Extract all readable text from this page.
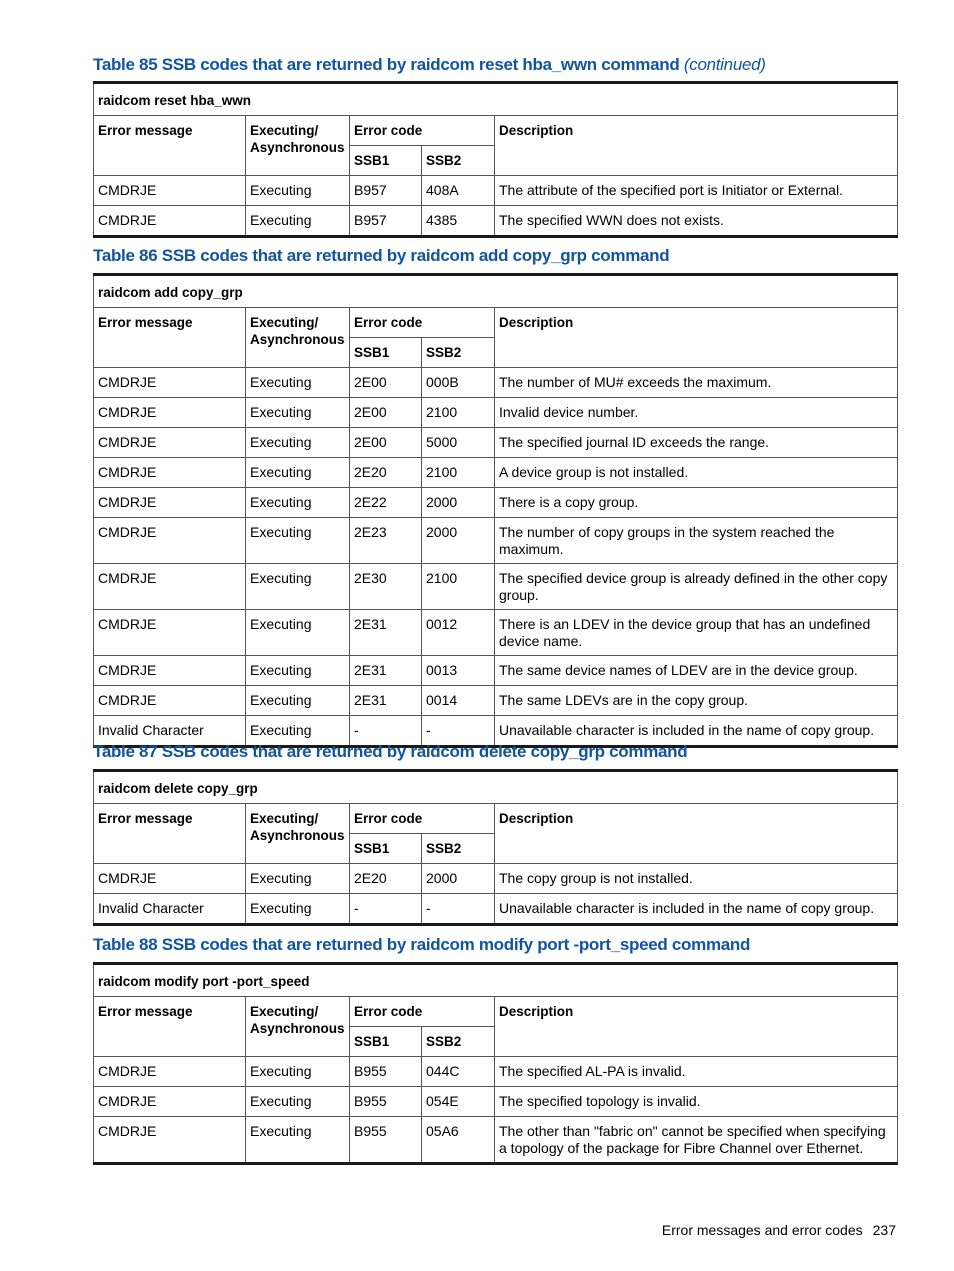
Table 85 SSB codes that are returned by raidcom reset hba_wwn command (continued)

raidcom reset hba_wwn				
Error message	Executing/ Asynchronous	Error code		Description
		SSB1	SSB2	
CMDRJE	Executing	B957	408A	The attribute of the specified port is Initiator or External.
CMDRJE	Executing	B957	4385	The specified WWN does not exists.

Table 86 SSB codes that are returned by raidcom add copy_grp command

raidcom add copy_grp				
Error message	Executing/ Asynchronous	Error code		Description
		SSB1	SSB2	
CMDRJE	Executing	2E00	000B	The number of MU# exceeds the maximum.
CMDRJE	Executing	2E00	2100	Invalid device number.
CMDRJE	Executing	2E00	5000	The specified journal ID exceeds the range.
CMDRJE	Executing	2E20	2100	A device group is not installed.
CMDRJE	Executing	2E22	2000	There is a copy group.
CMDRJE	Executing	2E23	2000	The number of copy groups in the system reached the maximum.
CMDRJE	Executing	2E30	2100	The specified device group is already defined in the other copy group.
CMDRJE	Executing	2E31	0012	There is an LDEV in the device group that has an undefined device name.
CMDRJE	Executing	2E31	0013	The same device names of LDEV are in the device group.
CMDRJE	Executing	2E31	0014	The same LDEVs are in the copy group.
Invalid Character	Executing	-	-	Unavailable character is included in the name of copy group.

Table 87 SSB codes that are returned by raidcom delete copy_grp command

raidcom delete copy_grp				
Error message	Executing/ Asynchronous	Error code		Description
		SSB1	SSB2	
CMDRJE	Executing	2E20	2000	The copy group is not installed.
Invalid Character	Executing	-	-	Unavailable character is included in the name of copy group.

Table 88 SSB codes that are returned by raidcom modify port -port_speed command

raidcom modify port -port_speed				
Error message	Executing/ Asynchronous	Error code		Description
		SSB1	SSB2	
CMDRJE	Executing	B955	044C	The specified AL-PA is invalid.
CMDRJE	Executing	B955	054E	The specified topology is invalid.
CMDRJE	Executing	B955	05A6	The other than "fabric on" cannot be specified when specifying a topology of the package for Fibre Channel over Ethernet.
Error messages and error codes 237
